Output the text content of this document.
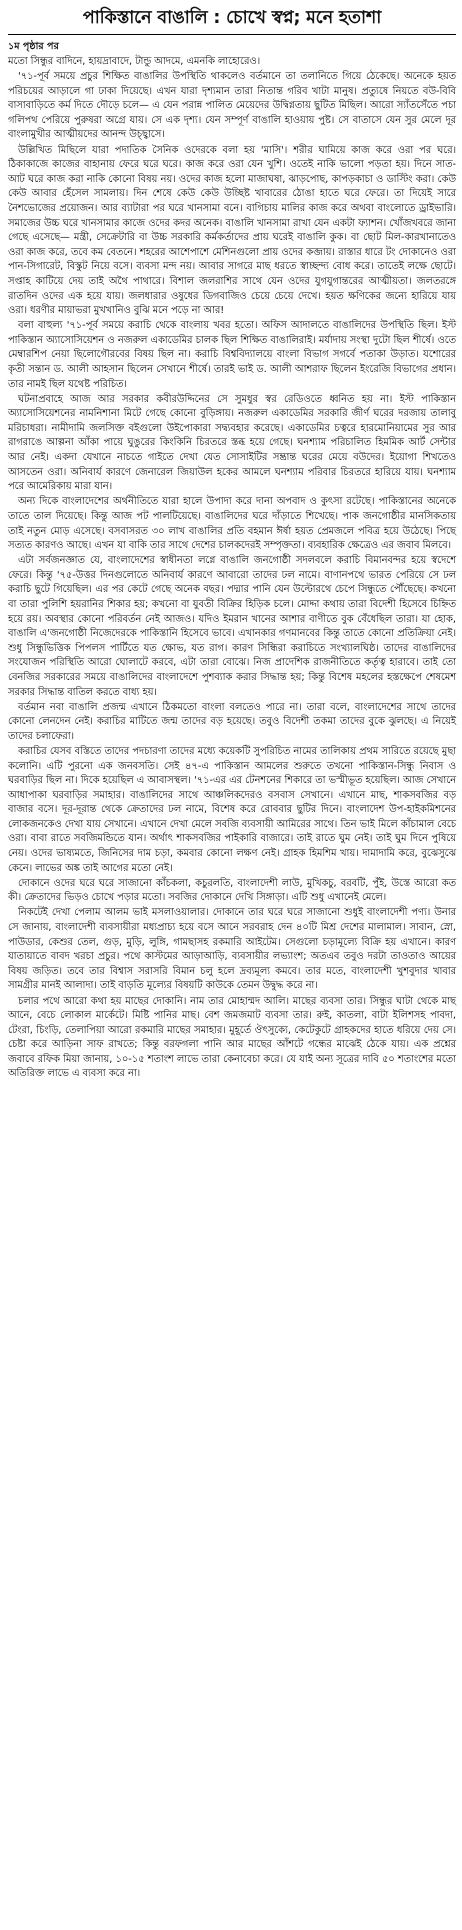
পাকিস্তানে বাঙালি : চোখে স্বপ্ন; মনে হতাশা
১ম পৃষ্ঠার পর

মতো সিন্ধুর বাদিনে, হায়দ্রাবাদে, টান্ডু আদমে, এমনকি লাহোরেও।

'৭১-পূর্ব সময়ে প্রচুর শিক্ষিত বাঙালির উপস্থিতি থাকলেও বর্তমানে তা তলানিতে গিয়ে ঠেকেছে। অনেকে হয়ত পরিচয়ের আড়ালে গা ঢাকা দিয়েছে। এখন যারা দৃশ্যমান তারা নিতান্ত গরিব খাটা মানুষ। প্রত্যুষে নিয়তে বউ-বিবি বাসাবাড়িতে কর্ম দিতে দৌড়ে চলে— এ যেন পরান্ন পালিত মেয়েদের উদ্বিগ্নতায় ছুটিত মিছিল। আরো স্যাঁতসেঁতে পচা গলিপথ পেরিয়ে পুরুষরা অগ্রে যায়। সে এক দৃশ্য। যেন সম্পূর্ণ বাঙালি হাওয়ায় পুষ্ট। সে বাতাসে যেন সুর মেলে দূর বাংলামুখীর আত্মীয়দের আনন্দ উচ্ছ্বাসে।

উল্লিখিত মিছিলে যারা পদাতিক সৈনিক ওদেরকে বলা হয় 'মাসি'। শরীর ঘামিয়ে কাজ করে ওরা পর ঘরে। ঠিকাকাজে কাজের বাহানায় ফেরে ঘরে ঘরে। কাজ করে ওরা যেন খুশি। ওতেই নাকি ভালো পড়তা হয়। দিনে সাত-আট ঘরে কাজ করা নাকি কোনো বিষয় নয়। ওদের কাজ হলো মাজাঘষা, ঝাড়পোছ, কাপড়কাচা ও ডাস্টিং করা। কেউ কেউ আবার হেঁসেল সামলায়। দিন শেষে কেউ কেউ উচ্ছিষ্ট খাবারের ঠোঙা হাতে ঘরে ফেরে। তা দিয়েই সারে নৈশভোজের প্রয়োজন। আর ব্যাটারা পর ঘরে খানসামা বনে। বাগিচায় মালির কাজ করে অথবা বাংলোতে ড্রাইভারি। সমাজের উচ্চ ঘরে খানসামার কাজে ওদের কদর অনেক। বাঙালি খানসামা রাখা যেন একটা ফ্যাশন। খোঁজখবরে জানা গেছে এসেছে— মন্ত্রী, সেক্রেটারি বা উচ্চ সরকারি কর্মকর্তাদের প্রায় ঘরেই বাঙালি কুক। বা ছোট মিল-কারখানাতেও ওরা কাজ করে, তবে কম বেতনে। শহরের আশেপাশে মেশিনগুলো প্রায় ওদের কব্জায়। রাস্তার ধারে টং দোকানেও ওরা পান-সিগারেট, বিস্কুট নিয়ে বসে। ব্যবসা মন্দ নয়। আবার সাগরে মাছ ধরতে স্বাচ্ছন্দ্য বোধ করে। তাতেই লক্ষে ছোটে। সপ্তাহ কাটিয়ে দেয় তাই অথৈ পাথারে। বিশাল জলরাশির সাথে যেন ওদের যুগযুগান্তরের আত্মীয়তা। জলতরঙ্গে রাতদিন ওদের এক হয়ে যায়। জলধারার ওষুধের ডিগবাজিও চেয়ে চেয়ে দেখে। হয়ত ক্ষণিকের জন্যে হারিয়ে যায় ওরা। ধরণীর মায়াভরা মুখখানিও বুঝি মনে পড়ে না আর!

বলা বাহুল্য '৭১-পূর্ব সময়ে করাচি থেকে বাংলায় খবর হতো। অফিস আদালতে বাঙালিদের উপস্থিতি ছিল। ইস্ট পাকিস্তান অ্যাসোসিয়েশন ও নজরুল একাডেমির চালক ছিল শিক্ষিত বাঙালিরাই। মর্যাদায় সংস্থা দুটো ছিল শীর্ষে। ওতে মেম্বারশিপ নেয়া ছিলোগৌরবের বিষয় ছিল না। করাচি বিশ্ববিদ্যালয়ে বাংলা বিভাগ সগর্বে পতাকা উড়াত। যশোরের কৃতী সন্তান ড. আলী আহসান ছিলেন সেখানে শীর্ষে। তারই ভাই ড. আলী আশরাফ ছিলেন ইংরেজি বিভাগের প্রধান। তার নামই ছিল যথেষ্ট পরিচিত।

ঘটনাপ্রবাহে আজ আর সরকার কবীরউদ্দিনের সে সুমধুর স্বর রেডিওতে ধ্বনিত হয় না। ইস্ট পাকিস্তান অ্যাসোসিয়েশনের নামনিশানা মিটে গেছে কোনো বুড়িঙ্গায়। নজরুল একাডেমির সরকারি জীর্ণ ঘরের দরজায় তালাবু মরিচাধরা। নামীদামি জলসিক্ত বইগুলো উইপোকারা সদ্ব্যবহার করেছে। একাডেমির চত্বরে হারমোনিয়ামের সুর আর রাগরাঙে আল্পনা আঁকা পায়ে ঘুঙুরের কিংকিনি চিরতরে স্তব্ধ হয়ে গেছে। ঘনশ্যাম পরিচালিত হিমমিক আর্ট সেন্টার আর নেই। একদা যেখানে নাচতে গাইতে দেখা যেত সোসাইটির সম্ভ্রান্ত ঘরের মেয়ে বউদের। ইয়োগা শিখতেও আসতেন ওরা। অনিবার্য কারণে জেনারেল জিয়াউল হকের আমলে ঘনশ্যাম পরিবার চিরতরে হারিয়ে যায়। ঘনশ্যাম পরে আমেরিকায় মারা যান।

অন্য দিকে বাংলাদেশের অর্থনীতিতে যারা হালে উপাদা করে দানা অপবাদ ও কুৎসা রটেছে। পাকিস্তানের অনেকে তাতে তাল দিয়েছে। কিন্তু আজ পট পালটিয়েছে। বাঙালিদের ঘরে দাঁড়াতে শিখেছে। পাক জনগোষ্ঠীর মানসিকতায় তাই নতুন মোড় এসেছে। বসবাসরত ৩০ লাখ বাঙালির প্রতি বহমান ঈর্ষা হয়ত প্রেমজলে পবিত্র হয়ে উঠেছে। পিছে সত্যত কারণও আছে। এখন যা বাকি তার সাথে দেশের চালকদেরই সম্পৃক্ততা। ব্যবহারিক ক্ষেত্রেও এর জবাব মিলবে।

এটা সর্বজনজ্ঞাত যে, বাংলাদেশের স্বাধীনতা লগ্নে বাঙালি জনগোষ্ঠী সদলবলে করাচি বিমানবন্দর হয়ে স্বদেশে ফেরে। কিন্তু '৭৫-উত্তর দিনগুলোতে অনিবার্য কারণে আবারো তাদের ঢল নামে। বাণানপথে ভারত পেরিয়ে সে ঢল করাচি ছুটে গিয়েছিল। এর পর কেটে গেছে অনেক বছর। পদ্মার পানি যেন উল্টোরথে চেপে সিন্ধুতে পৌঁছেছে। কখনো বা তারা পুলিশি হয়রানির শিকার হয়; কখনো বা যুবতী বিক্রির হিড়িক চলে। মোদ্দা কথায় তারা বিদেশী হিসেবে চিহ্নিত হয়ে রয়। অবস্থার কোনো পরিবর্তন নেই আজও। যদিও ইমরান খানের আশার বাণীতে বুক বেঁধেছিল তারা। যা হোক, বাঙালি এ'জনগোষ্ঠী নিজেদেরকে পাকিস্তানি হিসেবে ভাবে। এখানকার গণমানবের কিন্তু তাতে কোনো প্রতিক্রিয়া নেই। শুধু সিন্ধুভিত্তিক পিপলস পার্টিতে যত ক্ষোভ, যত রাগ। কারণ সিন্ধিরা করাচিতে সংখ্যালঘিষ্ঠ। তাদের বাঙালিদের সংযোজন পরিস্থিতি আরো ঘোলাটে করবে, এটা তারা বোঝে। নিজ প্রাদেশিক রাজনীতিতে কর্তৃত্ব হারাবে। তাই তো বেনজির সরকারের সময়ে বাঙালিদের বাংলাদেশে পুশব্যাক করার সিদ্ধান্ত হয়; কিন্তু বিশেষ মহলের হস্তক্ষেপে শেষমেশ সরকার সিদ্ধান্ত বাতিল করতে বাধ্য হয়।

বর্তমান নবা বাঙালি প্রজন্ম এখানে ঠিকমতো বাংলা বলতেও পারে না। তারা বলে, বাংলাদেশের সাথে তাদের কোনো লেনদেন নেই। করাচির মাটিতে জন্ম তাদের বড় হয়েছে। তবুও বিদেশী তকমা তাদের বুকে ঝুলছে। এ নিয়েই তাদের চলাফেরা।

করাচির যেসব বস্তিতে তাদের পদচারণা তাদের মধ্যে কয়েকটি সুপরিচিত নামের তালিকায় প্রথম সারিতে রয়েছে মুছা কলোনি। এটি পুরনো এক জনবসতি। সেই ৪৭-এ পাকিস্তান আমলের শুরুতে তখনো পাকিস্তান-সিন্ধু নিবাস ও ঘরবাড়ির ছিল না। দিকে হয়েছিল এ আবাসস্থল। '৭১-এর এর টেনশনের শিকারে তা ভস্মীভূত হয়েছিল। আজ সেখানে আধাপাকা ঘরবাড়ির সমাহার। বাঙালিদের সাথে আঞ্চলিকদেরও বসবাস সেখানে। এখানে মাছ, শাকসবজির বড় বাজার বসে। দূর-দূরান্ত থেকে ক্রেতাদের ঢল নামে, বিশেষ করে রোববার ছুটির দিনে। বাংলাদেশ উপ-হাইকমিশনের লোকজনকেও দেখা যায় সেখানে। এখানে দেখা মেলে সবজি ব্যবসায়ী আমিরের সাথে। তিন ভাই মিলে কাঁচামাল বেচে ওরা। বাবা রাতে সবজিমন্ডিতে যান। অর্থাৎ শাকসবজির পাইকারি বাজারে। তাই রাতে ঘুম নেই। তাই ঘুম দিনে পুষিয়ে নেয়। ওদের ভাষ্যমতে, জিনিসের দাম চড়া, কমবার কোনো লক্ষণ নেই। গ্রাহক হিমশিম খায়। দামাদামি করে, বুঝেসুঝে কেনে। লাভের অঙ্ক তাই আগের মতো নেই।

দোকানে ওদের ঘরে ঘরে সাজানো কাঁচকলা, কচুরলতি, বাংলাদেশী লাউ, মুখিকচু, বরবটি, পুঁই, উস্তে আরো কত কী। ক্রেতাদের ভিড়ও চোখে পড়ার মতো। সবজির দোকানে দেখি সিঙ্গাড়া। এটি শুধু এখানেই মেলে।

নিকটেই দেখা পেলাম আলম ভাই মসলাওয়ালার। দোকানে তার ঘরে ঘরে সাজানো শুধুই বাংলাদেশী পণ্য। উনার সে জানায়, বাংলাদেশী ব্যবসায়ীরা মধ্যপ্রাচ্য হয়ে বসে আনে সরবরাহ দেন ৪০টি মিশ্র দেশের মালামাল। সাবান, স্নো, পাউডার, কেশুর তেল, গুড়, মুড়ি, লুঙ্গি, গামছাসহ রকমারি আইটেম। সেগুলো চড়ামূল্যে বিক্রি হয় এখানে। কারণ যাতায়াতে বাবদ খরচা প্রচুর। পথে কাস্টমের আড়াআড়ি, ব্যবসায়ীর লভ্যাংশ; অতএব তবুও দরটা তাওতাও আয়ের বিষয় জড়িত। তবে তার বিশ্বাস সরাসরি বিমান চলু হলে দ্রব্যমূল্য কমবে। তার মতে, বাংলাদেশী খুশবুদার খাবার সামগ্রীর মানই আলাদা। তাই বাড়তি মূল্যের বিষয়টি কাউকে তেমন উদ্বুদ্ধ করে না।

চলার পথে আরো কথা হয় মাছের দোকানি। নাম তার মোহাম্মদ আলি। মাছের ব্যবসা তার। সিন্ধুর ঘাটা থেকে মাছ আনে, বেচে লোকাল মার্কেটে। মিষ্টি পানির মাছ। বেশ জমজমাট ব্যবসা তার। রুই, কাতলা, বাটা ইলিশসহ পাবদা, টেংরা, চিংড়ি, তেলাপিয়া আরো রকমারি মাছের সমাহার। মুহূর্তে ঔৎসুক্যে, কেটেকুটে গ্রাহকদের হাতে ধরিয়ে দেয় সে। চেষ্টা করে আড়িনা সাফ রাখতে; কিন্তু বরফগলা পানি আর মাছের আঁশটে গন্ধের মাঝেই ঠেকে যায়। এক প্রশ্নের জবাবে রফিক মিয়া জানায়, ১০-১৫ শতাংশ লাভে তারা কেনাবেচা করে। যে যাই অন্য সূত্রের দাবি ৫০ শতাংশের মতো অতিরিক্ত লাভে এ ব্যবসা করে না।
